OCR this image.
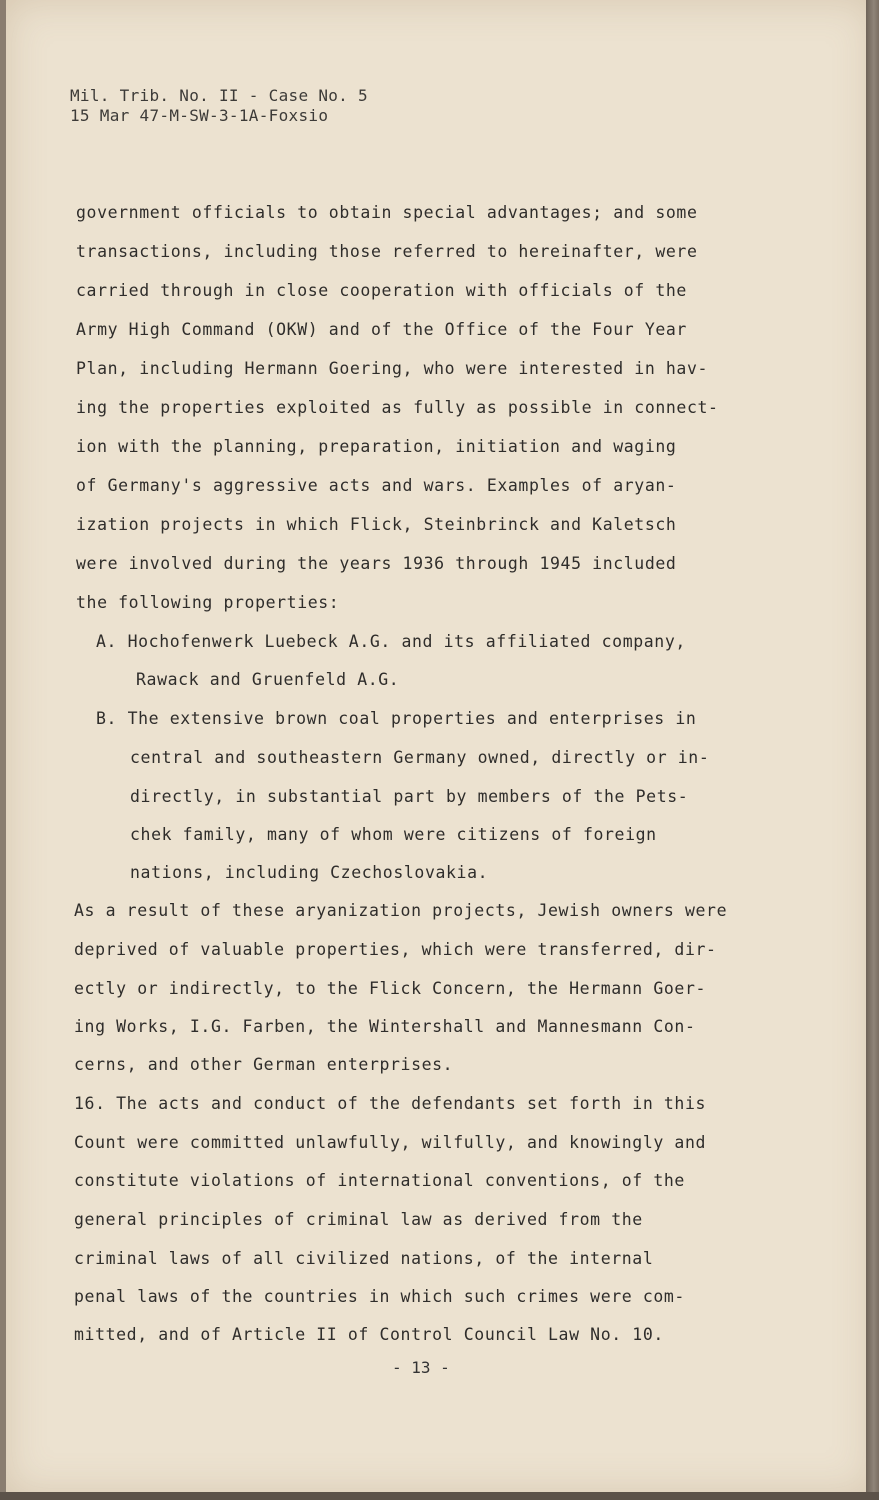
Mil. Trib. No. II - Case No. 5
15 Mar 47-M-SW-3-1A-Foxsio
government officials to obtain special advantages; and some
transactions, including those referred to hereinafter, were
carried through in close cooperation with officials of the
Army High Command (OKW) and of the Office of the Four Year
Plan, including Hermann Goering, who were interested in hav-
ing the properties exploited as fully as possible in connect-
ion with the planning, preparation, initiation and waging
of Germany's aggressive acts and wars. Examples of aryan-
ization projects in which Flick, Steinbrinck and Kaletsch
were involved during the years 1936 through 1945 included
the following properties:
A. Hochofenwerk Luebeck A.G. and its affiliated company,
Rawack and Gruenfeld A.G.
B. The extensive brown coal properties and enterprises in
central and southeastern Germany owned, directly or in-
directly, in substantial part by members of the Pets-
chek family, many of whom were citizens of foreign
nations, including Czechoslovakia.
As a result of these aryanization projects, Jewish owners were
deprived of valuable properties, which were transferred, dir-
ectly or indirectly, to the Flick Concern, the Hermann Goer-
ing Works, I.G. Farben, the Wintershall and Mannesmann Con-
cerns, and other German enterprises.
16. The acts and conduct of the defendants set forth in this
Count were committed unlawfully, wilfully, and knowingly and
constitute violations of international conventions, of the
general principles of criminal law as derived from the
criminal laws of all civilized nations, of the internal
penal laws of the countries in which such crimes were com-
mitted, and of Article II of Control Council Law No. 10.
- 13 -
